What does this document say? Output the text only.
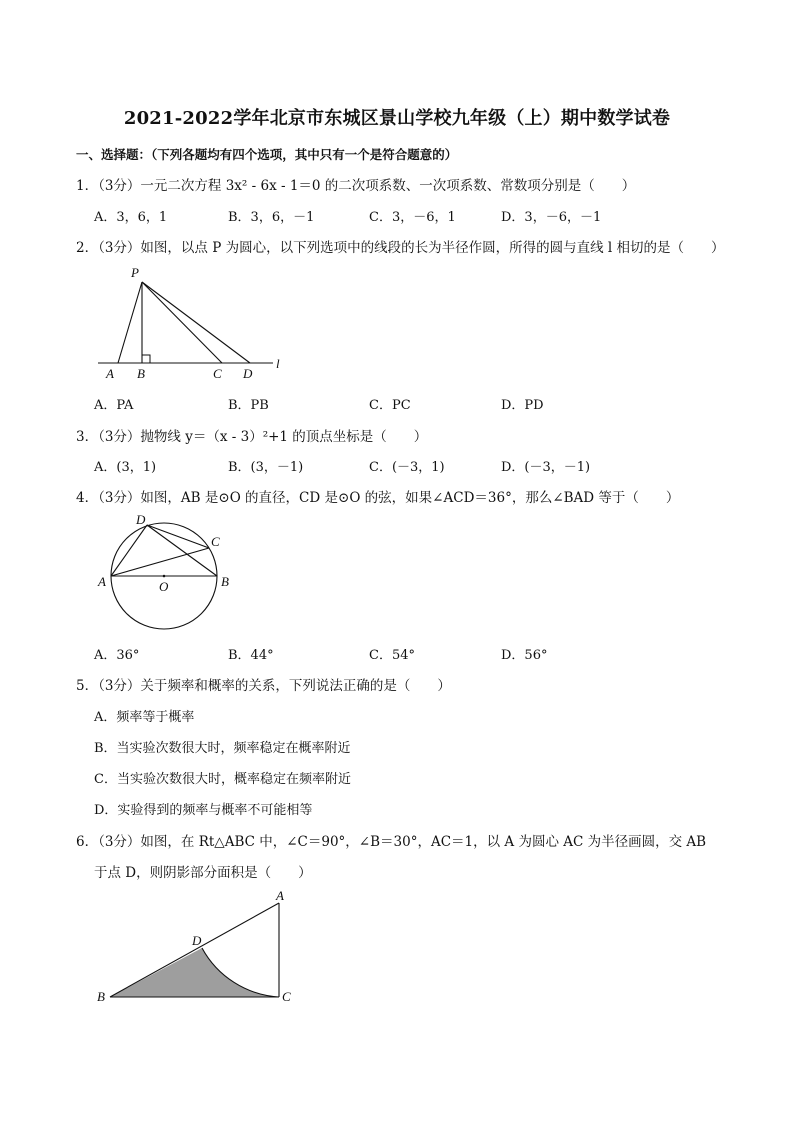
2021-2022学年北京市东城区景山学校九年级（上）期中数学试卷
一、选择题：（下列各题均有四个选项，其中只有一个是符合题意的）
1．（3分）一元二次方程 3x² - 6x - 1＝0 的二次项系数、一次项系数、常数项分别是（　　）
A．3，6，1	B．3，6，－1	C．3，－6，1	D．3，－6，－1
2．（3分）如图，以点 P 为圆心，以下列选项中的线段的长为半径作圆，所得的圆与直线 l 相切的是（　　）
P
A B	C D
l
A．PA	B．PB	C．PC	D．PD
3．（3分）抛物线 y＝（x - 3）²+1 的顶点坐标是（　　）
A．(3，1)	B．(3，－1)	C．(－3，1)	D．(－3，－1)
4．（3分）如图，AB 是⊙O 的直径，CD 是⊙O 的弦，如果∠ACD＝36°，那么∠BAD 等于（　　）
D
C
A	B
O
A．36°	B．44°	C．54°	D．56°
5．（3分）关于频率和概率的关系，下列说法正确的是（　　）
A．频率等于概率
B．当实验次数很大时，频率稳定在概率附近
C．当实验次数很大时，概率稳定在频率附近
D．实验得到的频率与概率不可能相等
6．（3分）如图，在 Rt△ABC 中，∠C＝90°，∠B＝30°，AC＝1，以 A 为圆心 AC 为半径画圆，交 AB
于点 D，则阴影部分面积是（　　）
A
D
B	C
